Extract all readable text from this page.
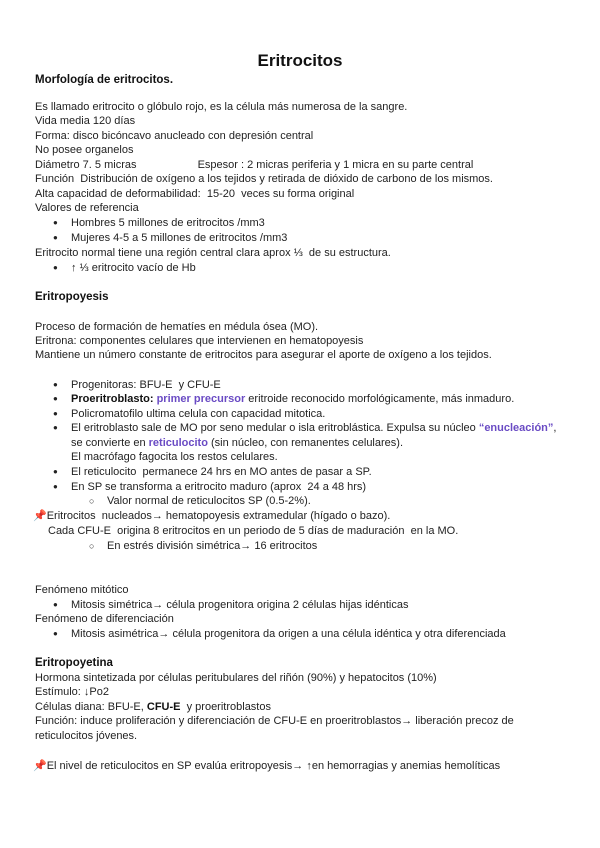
Eritrocitos
Morfología de eritrocitos.
Es llamado eritrocito o glóbulo rojo, es la célula más numerosa de la sangre.
Vida media 120 días
Forma: disco bicóncavo anucleado con depresión central
No posee organelos
Diámetro 7. 5 micras                    Espesor : 2 micras periferia y 1 micra en su parte central
Función  Distribución de oxígeno a los tejidos y retirada de dióxido de carbono de los mismos.
Alta capacidad de deformabilidad:  15-20  veces su forma original
Valores de referencia
● Hombres 5 millones de eritrocitos /mm3
● Mujeres 4-5 a 5 millones de eritrocitos /mm3
Eritrocito normal tiene una región central clara aprox ⅓  de su estructura.
● ↑ ⅓ eritrocito vacío de Hb
Eritropoyesis
Proceso de formación de hematíes en médula ósea (MO).
Eritrona: componentes celulares que intervienen en hematopoyesis
Mantiene un número constante de eritrocitos para asegurar el aporte de oxígeno a los tejidos.
● Progenitoras: BFU-E  y CFU-E
● Proeritroblasto: primer precursor eritroide reconocido morfológicamente, más inmaduro.
● Policromatofilo ultima celula con capacidad mitotica.
● El eritroblasto sale de MO por seno medular o isla eritroblástica. Expulsa su núcleo “enucleación”,
se convierte en reticulocito (sin núcleo, con remanentes celulares).
El macrófago fagocita los restos celulares.
● El reticulocito  permanece 24 hrs en MO antes de pasar a SP.
● En SP se transforma a eritrocito maduro (aprox  24 a 48 hrs)
○ Valor normal de reticulocitos SP (0.5-2%).
📌Eritrocitos  nucleados→ hematopoyesis extramedular (hígado o bazo).
Cada CFU-E  origina 8 eritrocitos en un periodo de 5 días de maduración  en la MO.
○ En estrés división simétrica→ 16 eritrocitos
Fenómeno mitótico
● Mitosis simétrica→ célula progenitora origina 2 células hijas idénticas
Fenómeno de diferenciación
● Mitosis asimétrica→ célula progenitora da origen a una célula idéntica y otra diferenciada
Eritropoyetina
Hormona sintetizada por células peritubulares del riñón (90%) y hepatocitos (10%)
Estímulo: ↓Po2
Células diana: BFU-E, CFU-E  y proeritroblastos
Función: induce proliferación y diferenciación de CFU-E en proeritroblastos→ liberación precoz de
reticulocitos jóvenes.
📌El nivel de reticulocitos en SP evalúa eritropoyesis→ ↑en hemorragias y anemias hemolíticas
